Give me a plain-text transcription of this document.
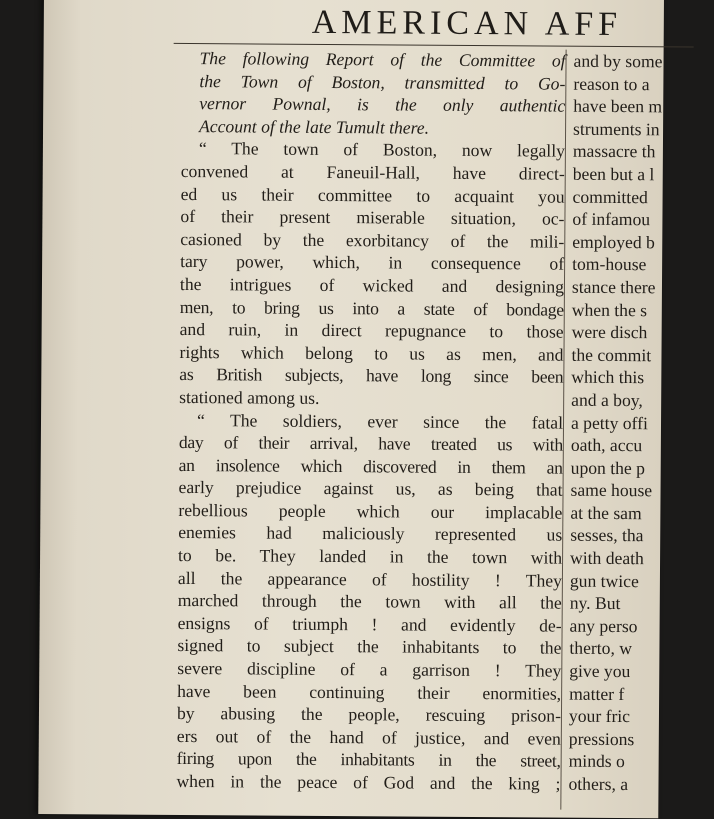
AMERICAN AFF
The following Report of the Committee of
the Town of Boston, transmitted to Go-
vernor Pownal, is the only authentic
Account of the late Tumult there.
“ The town of Boston, now legally
convened at Faneuil-Hall, have direct-
ed us their committee to acquaint you
of their present miserable situation, oc-
casioned by the exorbitancy of the mili-
tary power, which, in consequence of
the intrigues of wicked and designing
men, to bring us into a state of bondage
and ruin, in direct repugnance to those
rights which belong to us as men, and
as British subjects, have long since been
stationed among us.
“ The soldiers, ever since the fatal
day of their arrival, have treated us with
an insolence which discovered in them an
early prejudice against us, as being that
rebellious people which our implacable
enemies had maliciously represented us
to be. They landed in the town with
all the appearance of hostility ! They
marched through the town with all the
ensigns of triumph ! and evidently de-
signed to subject the inhabitants to the
severe discipline of a garrison ! They
have been continuing their enormities,
by abusing the people, rescuing prison-
ers out of the hand of justice, and even
firing upon the inhabitants in the street,
when in the peace of God and the king ;
and by some
reason to a
have been m
struments in
massacre th
been but a l
committed
of infamou
employed b
tom-house
stance there
when the s
were disch
the commit
which this
and a boy,
a petty offi
oath, accu
upon the p
same house
at the sam
sesses, tha
with death
gun twice
ny. But
any perso
therto, w
give you
matter f
your fric
pressions
minds o
others, a
